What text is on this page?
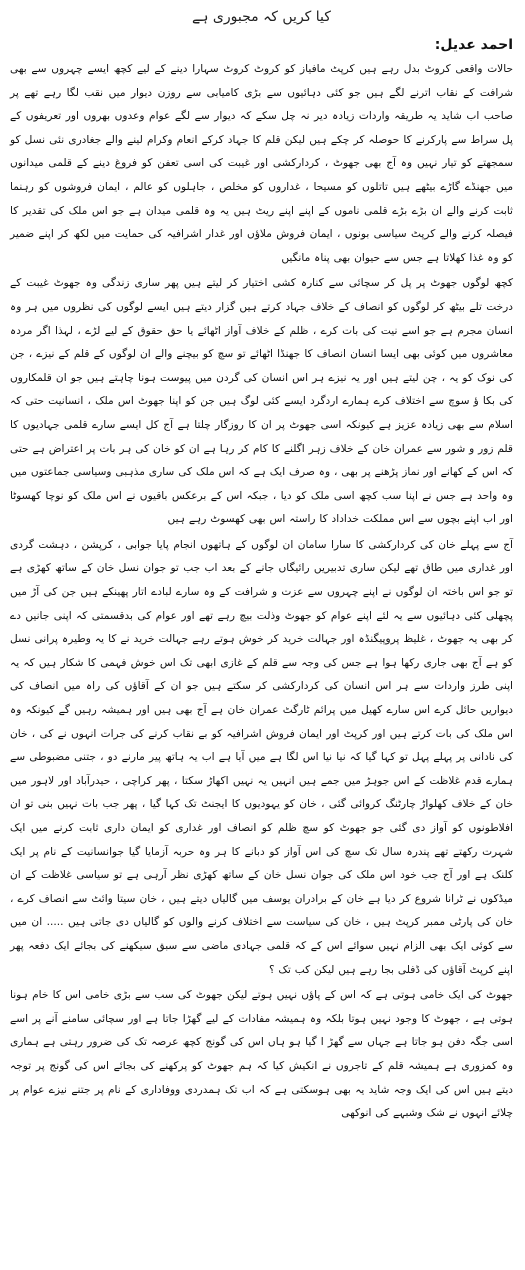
کیا کریں کہ مجبوری ہے
احمد عدیل:

حالات واقعی کروٹ بدل رہے ہیں کرپٹ مافیاز کو کروٹ کروٹ سہارا دینے کے لیے کچھ ایسے چہروں سے بھی شرافت کے نقاب اترنے لگے ہیں جو کئی دہائیوں سے بڑی کامیابی سے روزن دیوار میں نقب لگا رہے تھے پر صاحب اب شاید یہ طریقہ واردات زیادہ دیر نہ چل سکے کہ دیوار سے لگے عوام وعدوں بھروں اور تعریفوں کے پل سراط سے پارکرنے کا حوصلہ کر چکے ہیں لیکن قلم کا جہاد کرکے انعام وکرام لینے والے جغادری نئی نسل کو سمجھتے کو تیار نہیں وہ آج بھی جھوٹ ، کردارکشی اور غیبت کی اسی تعفن کو فروغ دینے کے قلمی میدانوں میں جھنڈے گاڑے بیٹھے ہیں تاتلوں کو مسیحا ، غداروں کو مخلص ، جاہلوں کو عالم ، ایمان فروشوں کو رہنما ثابت کرنے والے ان بڑے بڑے قلمی ناموں کے اپنے اپنے ریٹ ہیں یہ وہ قلمی میدان ہے جو اس ملک کی تقدیر کا فیصلہ کرنے والے کرپٹ سیاسی بونوں ، ایمان فروش ملاؤں اور غدار اشرافیہ کی حمایت میں لکھ کر اپنے ضمیر کو وہ غذا کھلاتا ہے جس سے حیوان بھی پناہ مانگیں

کچھ لوگوں جھوٹ پر پل کر سچائی سے کنارہ کشی اختیار کر لیتے ہیں پھر ساری زندگی وہ جھوٹ غیبت کے درخت تلے بیٹھ کر لوگوں کو انصاف کے خلاف جہاد کرتے ہیں گزار دیتے ہیں ایسے لوگوں کی نظروں میں ہر وہ انسان مجرم ہے جو اسے نیت کی بات کرے ، ظلم کے خلاف آواز اٹھائے یا حق حقوق کے لیے لڑے ، لہذا اگر مردہ معاشروں میں کوئی بھی ایسا انسان انصاف کا جھنڈا اٹھائے تو سچ کو بیچنے والے ان لوگوں کے قلم کے نیزے ، جن کی نوک کو یہ ، چن لیتے ہیں اور یہ نیزے ہر اس انسان کی گردن میں پیوست ہونا چاہتے ہیں جو ان قلمکاروں کی بکا ؤ سوچ سے اختلاف کرے ہمارے اردگرد ایسے کئی لوگ ہیں جن کو اپنا جھوٹ اس ملک ، انسانیت حتی کہ اسلام سے بھی زیادہ عزیز ہے کیونکہ اسی جھوٹ پر ان کا روزگار چلتا ہے آج کل ایسے سارے قلمی جہادیوں کا قلم زور و شور سے عمران خان کے خلاف زہر اگلنے کا کام کر رہا ہے ان کو خان کی ہر بات پر اعتراض ہے حتی کہ اس کے کھانے اور نماز پڑھنے پر بھی ، وہ صرف ایک ہے کہ اس ملک کی ساری مذہبی وسیاسی جماعتوں میں وہ واحد ہے جس نے اپنا سب کچھ اسی ملک کو دیا ، جبکہ اس کے برعکس باقیوں نے اس ملک کو نوچا کھسوٹا اور اب اپنے بچوں سے اس مملکت خداداد کا راستہ اس بھی کھسوٹ رہے ہیں

آج سے پہلے خان کی کردارکشی کا سارا سامان ان لوگوں کے ہاتھوں انجام پایا جوابی ، کرپشن ، دہشت گردی اور غداری میں طاق تھے لیکن ساری تدبیریں رائیگاں جانے کے بعد اب جب تو جوان نسل خان کے ساتھ کھڑی ہے تو جو اس باختہ ان لوگوں نے اپنے چہروں سے عزت و شرافت کے وہ سارے لبادے اتار پھینکے ہیں جن کی آڑ میں پچھلی کئی دہائیوں سے یہ لئے اپنے عوام کو جھوٹ وذلت بیچ رہے تھے اور عوام کی بدقسمتی کہ اپنی جانیں دے کر بھی یہ جھوٹ ، غلیظ پروپیگنڈہ اور جہالت خرید کر خوش ہوتے رہے جہالت خرید نے کا یہ وطیرہ پرانی نسل کو ہے آج بھی جاری رکھا ہوا ہے جس کی وجہ سے قلم کے غازی ابھی تک اس خوش فہمی کا شکار ہیں کہ یہ اپنی طرز واردات سے ہر اس انسان کی کردارکشی کر سکتے ہیں جو ان کے آقاؤں کی راہ میں انصاف کی دیواریں حائل کرے اس سارے کھیل میں پرائم ٹارگٹ عمران خان ہے آج بھی ہیں اور ہمیشہ رہیں گے کیونکہ وہ اس ملک کی بات کرتے ہیں اور کرپٹ اور ایمان فروش اشرافیہ کو بے نقاب کرنے کی جرات انہوں نے کی ، خان کی نادانی پر پہلے پہل تو کہا گیا کہ نیا نیا اس لگا ہے میں آیا ہے اب یہ ہاتھ پیر مارنے دو ، جتنی مضبوطی سے ہمارے قدم غلاظت کے اس جوہڑ میں جمے ہیں انہیں یہ نہیں اکھاڑ سکتا ، پھر کراچی ، حیدرآباد اور لاہور میں خان کے خلاف کھلواڑ چارٹنگ کروائی گئی ، خان کو یہودیوں کا ایجنٹ تک کہا گیا ، پھر جب بات نہیں بنی تو ان افلاطونوں کو آواز دی گئی جو جھوٹ کو سچ ظلم کو انصاف اور غداری کو ایمان داری ثابت کرنے میں ایک شہرت رکھتے تھے پندرہ سال تک سچ کی اس آواز کو دبانے کا ہر وہ حربہ آزمایا گیا جوانسانیت کے نام پر ایک کلنک ہے اور آج جب خود اس ملک کی جوان نسل خان کے ساتھ کھڑی نظر آرہی ہے تو سیاسی غلاظت کے ان میڈکوں نے ٹرانا شروع کر دیا ہے خان کے برادران یوسف میں گالیاں دیتے ہیں ، خان سیتا وائٹ سے انصاف کرے ، خان کی پارٹی ممبر کرپٹ ہیں ، خان کی سیاست سے اختلاف کرنے والوں کو گالیاں دی جاتی ہیں ..... ان میں سے کوئی ایک بھی الزام نہیں سوائے اس کے کہ قلمی جہادی ماضی سے سبق سیکھنے کی بجائے ایک دفعہ پھر اپنے کرپٹ آقاؤں کی ڈفلی بجا رہے ہیں لیکن کب تک ؟

جھوٹ کی ایک خامی ہوتی ہے کہ اس کے پاؤں نہیں ہوتے لیکن جھوٹ کی سب سے بڑی خامی اس کا خام ہونا ہوتی ہے ، جھوٹ کا وجود نہیں ہوتا بلکہ وہ ہمیشہ مفادات کے لیے گھڑا جاتا ہے اور سچائی سامنے آنے پر اسے اسی جگہ دفن ہو جاتا ہے جہاں سے گھڑ ا گیا ہو ہاں اس کی گونج کچھ عرصہ تک کی ضرور رہتی ہے ہماری وہ کمزوری ہے ہمیشہ قلم کے تاجروں نے انکیش کیا کہ ہم جھوٹ کو پرکھنے کی بجائے اس کی گونج پر توجہ دیتے ہیں اس کی ایک وجہ شاید یہ بھی ہوسکتی ہے کہ اب تک ہمدردی ووفاداری کے نام پر جتنے نیزے عوام پر چلائے انہوں نے شک وشبہے کی انوکھی
